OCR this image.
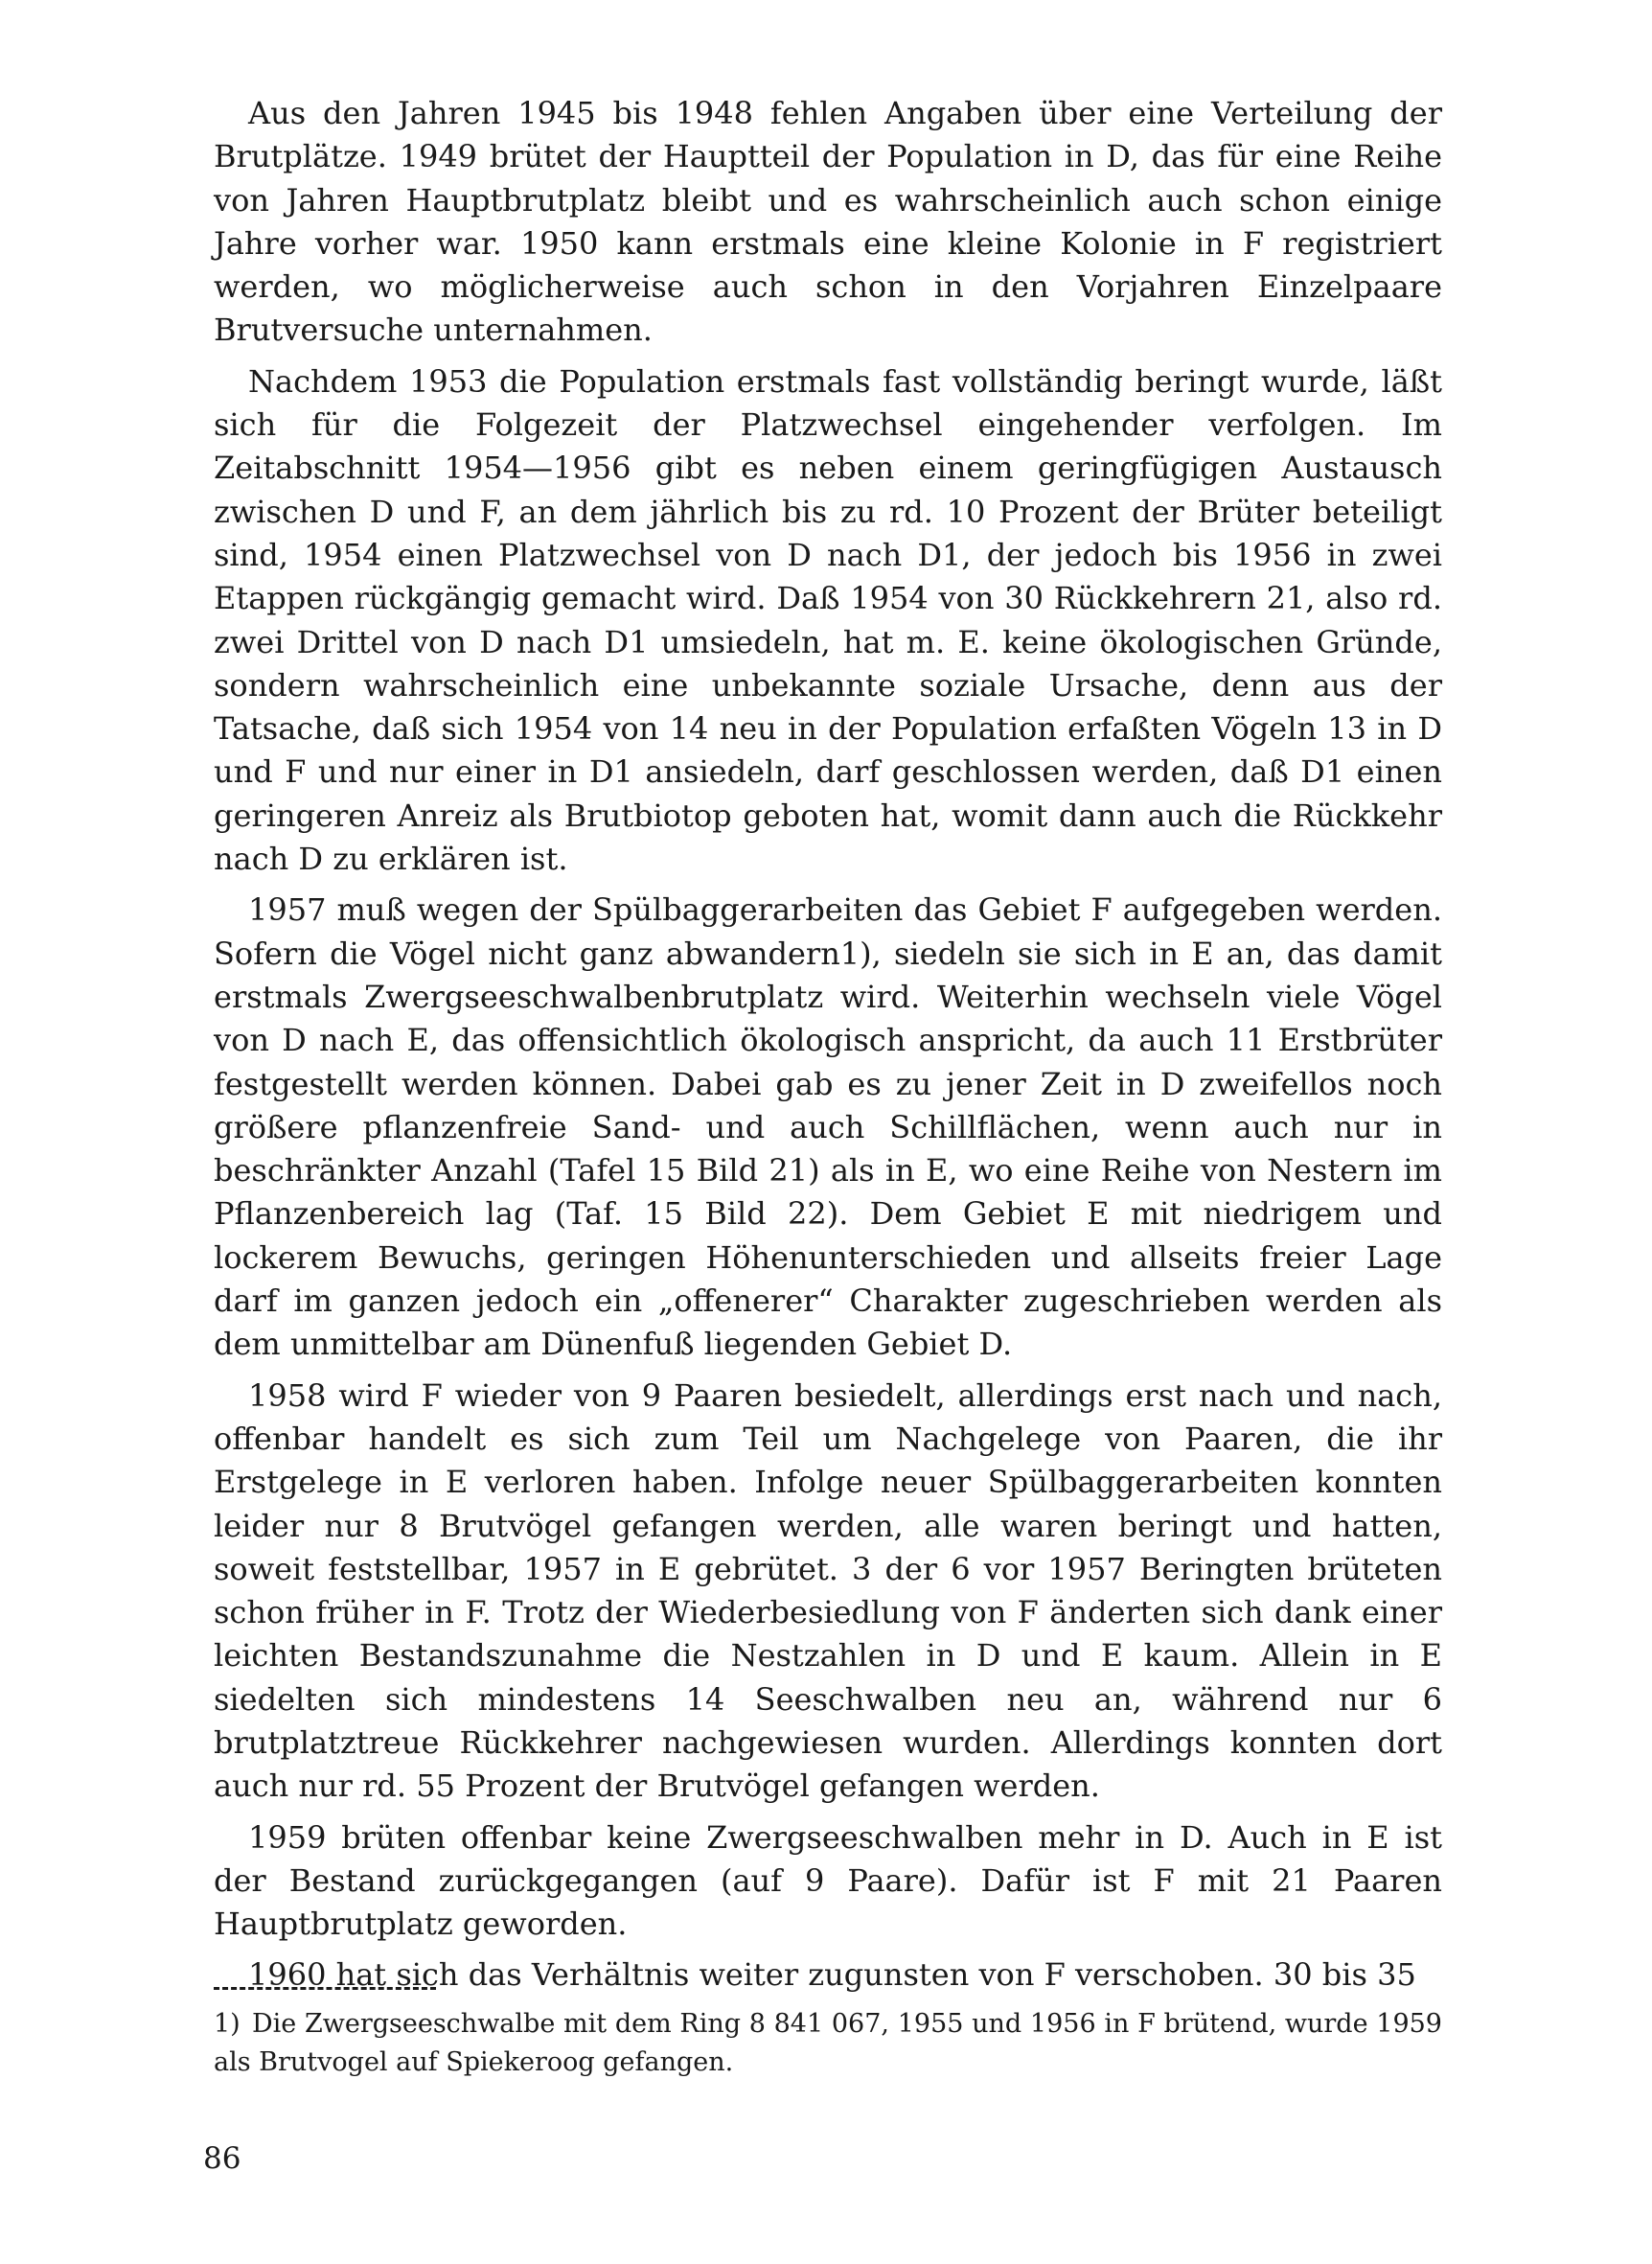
Aus den Jahren 1945 bis 1948 fehlen Angaben über eine Verteilung der Brutplätze. 1949 brütet der Hauptteil der Population in D, das für eine Reihe von Jahren Hauptbrutplatz bleibt und es wahrscheinlich auch schon einige Jahre vorher war. 1950 kann erstmals eine kleine Kolonie in F registriert werden, wo möglicherweise auch schon in den Vorjahren Einzelpaare Brutversuche unternahmen.

Nachdem 1953 die Population erstmals fast vollständig beringt wurde, läßt sich für die Folgezeit der Platzwechsel eingehender verfolgen. Im Zeitabschnitt 1954—1956 gibt es neben einem geringfügigen Austausch zwischen D und F, an dem jährlich bis zu rd. 10 Prozent der Brüter beteiligt sind, 1954 einen Platzwechsel von D nach D1, der jedoch bis 1956 in zwei Etappen rückgängig gemacht wird. Daß 1954 von 30 Rückkehrern 21, also rd. zwei Drittel von D nach D1 umsiedeln, hat m. E. keine ökologischen Gründe, sondern wahrscheinlich eine unbekannte soziale Ursache, denn aus der Tatsache, daß sich 1954 von 14 neu in der Population erfaßten Vögeln 13 in D und F und nur einer in D1 ansiedeln, darf geschlossen werden, daß D1 einen geringeren Anreiz als Brutbiotop geboten hat, womit dann auch die Rückkehr nach D zu erklären ist.

1957 muß wegen der Spülbaggerarbeiten das Gebiet F aufgegeben werden. Sofern die Vögel nicht ganz abwandern1), siedeln sie sich in E an, das damit erstmals Zwergseeschwalbenbrutplatz wird. Weiterhin wechseln viele Vögel von D nach E, das offensichtlich ökologisch anspricht, da auch 11 Erstbrüter festgestellt werden können. Dabei gab es zu jener Zeit in D zweifellos noch größere pflanzenfreie Sand- und auch Schillflächen, wenn auch nur in beschränkter Anzahl (Tafel 15 Bild 21) als in E, wo eine Reihe von Nestern im Pflanzenbereich lag (Taf. 15 Bild 22). Dem Gebiet E mit niedrigem und lockerem Bewuchs, geringen Höhenunterschieden und allseits freier Lage darf im ganzen jedoch ein „offenerer“ Charakter zugeschrieben werden als dem unmittelbar am Dünenfuß liegenden Gebiet D.

1958 wird F wieder von 9 Paaren besiedelt, allerdings erst nach und nach, offenbar handelt es sich zum Teil um Nachgelege von Paaren, die ihr Erstgelege in E verloren haben. Infolge neuer Spülbaggerarbeiten konnten leider nur 8 Brutvögel gefangen werden, alle waren beringt und hatten, soweit feststellbar, 1957 in E gebrütet. 3 der 6 vor 1957 Beringten brüteten schon früher in F. Trotz der Wiederbesiedlung von F änderten sich dank einer leichten Bestandszunahme die Nestzahlen in D und E kaum. Allein in E siedelten sich mindestens 14 Seeschwalben neu an, während nur 6 brutplatztreue Rückkehrer nachgewiesen wurden. Allerdings konnten dort auch nur rd. 55 Prozent der Brutvögel gefangen werden.

1959 brüten offenbar keine Zwergseeschwalben mehr in D. Auch in E ist der Bestand zurückgegangen (auf 9 Paare). Dafür ist F mit 21 Paaren Hauptbrutplatz geworden.

1960 hat sich das Verhältnis weiter zugunsten von F verschoben. 30 bis 35

1) Die Zwergseeschwalbe mit dem Ring 8 841 067, 1955 und 1956 in F brütend, wurde 1959 als Brutvogel auf Spiekeroog gefangen.
86
